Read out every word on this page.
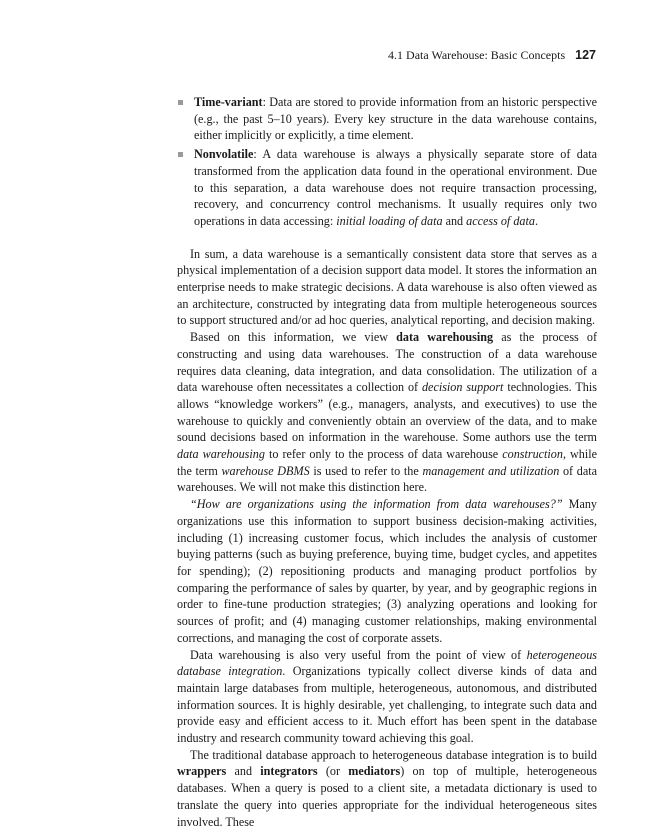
4.1 Data Warehouse: Basic Concepts 127
Time-variant: Data are stored to provide information from an historic perspective (e.g., the past 5–10 years). Every key structure in the data warehouse contains, either implicitly or explicitly, a time element.
Nonvolatile: A data warehouse is always a physically separate store of data transformed from the application data found in the operational environment. Due to this separation, a data warehouse does not require transaction processing, recovery, and concurrency control mechanisms. It usually requires only two operations in data accessing: initial loading of data and access of data.

In sum, a data warehouse is a semantically consistent data store that serves as a physical implementation of a decision support data model. It stores the information an enterprise needs to make strategic decisions. A data warehouse is also often viewed as an architecture, constructed by integrating data from multiple heterogeneous sources to support structured and/or ad hoc queries, analytical reporting, and decision making.

Based on this information, we view data warehousing as the process of constructing and using data warehouses. The construction of a data warehouse requires data cleaning, data integration, and data consolidation. The utilization of a data warehouse often necessitates a collection of decision support technologies. This allows “knowledge workers” (e.g., managers, analysts, and executives) to use the warehouse to quickly and conveniently obtain an overview of the data, and to make sound decisions based on information in the warehouse. Some authors use the term data warehousing to refer only to the process of data warehouse construction, while the term warehouse DBMS is used to refer to the management and utilization of data warehouses. We will not make this distinction here.

“How are organizations using the information from data warehouses?” Many organizations use this information to support business decision-making activities, including (1) increasing customer focus, which includes the analysis of customer buying patterns (such as buying preference, buying time, budget cycles, and appetites for spending); (2) repositioning products and managing product portfolios by comparing the performance of sales by quarter, by year, and by geographic regions in order to fine-tune production strategies; (3) analyzing operations and looking for sources of profit; and (4) managing customer relationships, making environmental corrections, and managing the cost of corporate assets.

Data warehousing is also very useful from the point of view of heterogeneous database integration. Organizations typically collect diverse kinds of data and maintain large databases from multiple, heterogeneous, autonomous, and distributed information sources. It is highly desirable, yet challenging, to integrate such data and provide easy and efficient access to it. Much effort has been spent in the database industry and research community toward achieving this goal.

The traditional database approach to heterogeneous database integration is to build wrappers and integrators (or mediators) on top of multiple, heterogeneous databases. When a query is posed to a client site, a metadata dictionary is used to translate the query into queries appropriate for the individual heterogeneous sites involved. These
